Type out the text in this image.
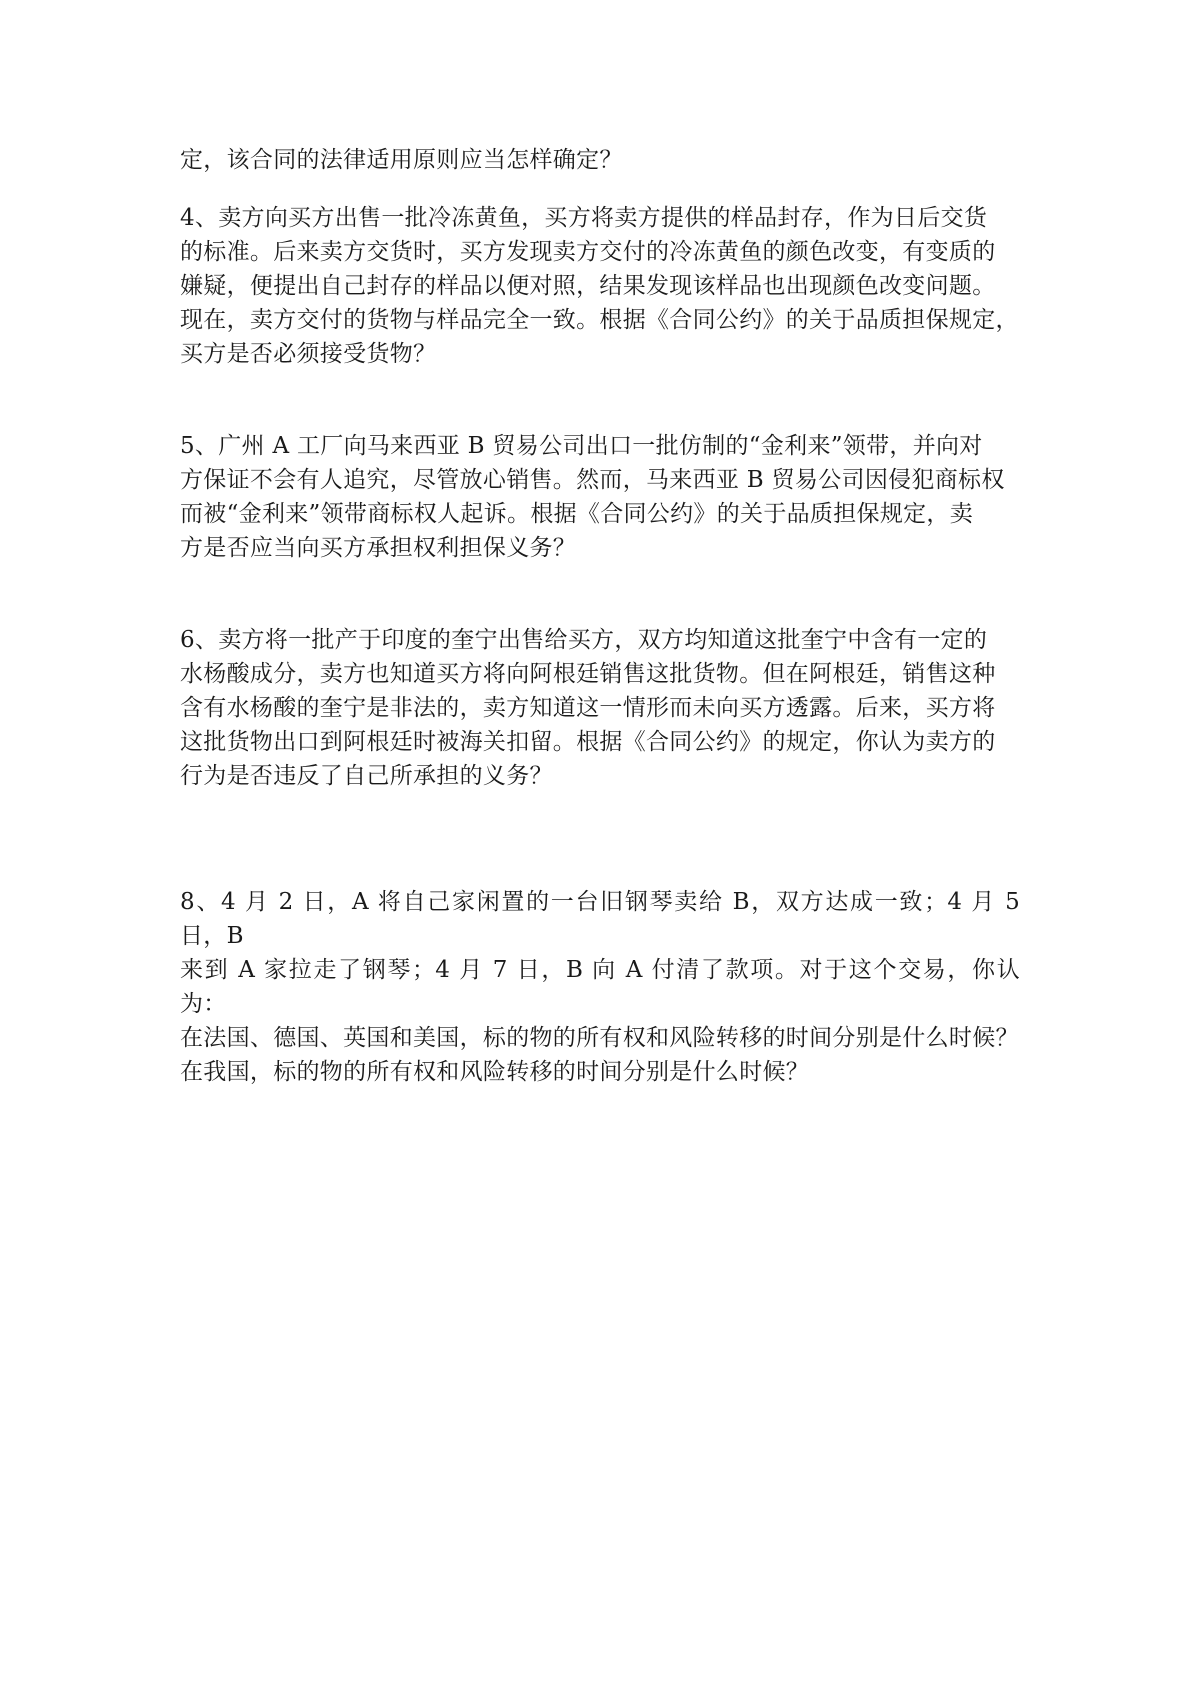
定，该合同的法律适用原则应当怎样确定？
4、卖方向买方出售一批冷冻黄鱼，买方将卖方提供的样品封存，作为日后交货
的标准。后来卖方交货时，买方发现卖方交付的冷冻黄鱼的颜色改变，有变质的
嫌疑，便提出自己封存的样品以便对照，结果发现该样品也出现颜色改变问题。
现在，卖方交付的货物与样品完全一致。根据《合同公约》的关于品质担保规定，
买方是否必须接受货物？
5、广州 A 工厂向马来西亚 B 贸易公司出口一批仿制的“金利来”领带，并向对
方保证不会有人追究，尽管放心销售。然而，马来西亚 B 贸易公司因侵犯商标权
而被“金利来”领带商标权人起诉。根据《合同公约》的关于品质担保规定，卖
方是否应当向买方承担权利担保义务？
6、卖方将一批产于印度的奎宁出售给买方，双方均知道这批奎宁中含有一定的
水杨酸成分，卖方也知道买方将向阿根廷销售这批货物。但在阿根廷，销售这种
含有水杨酸的奎宁是非法的，卖方知道这一情形而未向买方透露。后来，买方将
这批货物出口到阿根廷时被海关扣留。根据《合同公约》的规定，你认为卖方的
行为是否违反了自己所承担的义务？
8、4 月 2 日，A 将自己家闲置的一台旧钢琴卖给 B，双方达成一致；4 月 5 日，B
来到 A 家拉走了钢琴；4 月 7 日，B 向 A 付清了款项。对于这个交易，你认为：
在法国、德国、英国和美国，标的物的所有权和风险转移的时间分别是什么时候？
在我国，标的物的所有权和风险转移的时间分别是什么时候？
